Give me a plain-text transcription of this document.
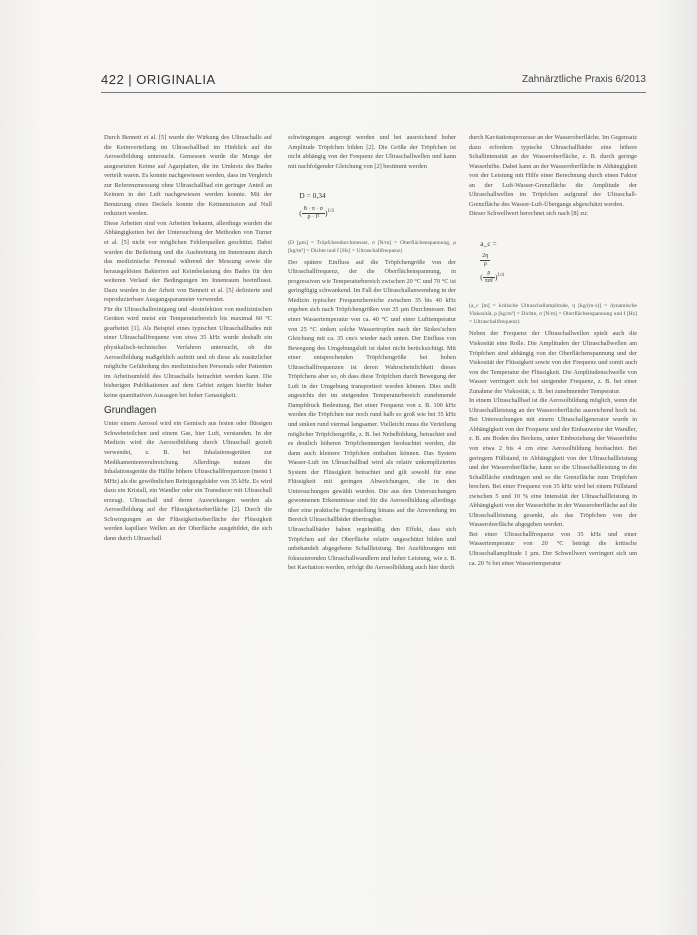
422 | ORIGINALIA	Zahnärztliche Praxis 6/2013

Durch Bennett et al. [5] wurde der Wirkung des Ultraschalls auf die Keimverteilung im Ultraschallbad im Hinblick auf die Aerosolbildung untersucht. Gemessen wurde die Menge der ausgesetzten Keime auf Agarplatten, die im Umkreis des Bades verteilt waren. Es konnte nachgewiesen werden, dass im Vergleich zur Referenzmessung ohne Ultraschallbad ein geringer Anteil an Keimen in der Luft nachgewiesen werden konnte. Mit der Benutzung eines Deckels konnte die Keimemission auf Null reduziert werden.

Diese Arbeiten sind von Arbeiten bekannt, allerdings wurden die Abhängigkeiten bei der Untersuchung der Methoden von Turner et al. [5] nicht vor möglichen Fehlerquellen geschützt. Dabei wurden die Beileitung und die Ausbreitung im Innenraum durch das medizinische Personal während der Messung sowie die herausgelösten Bakterien auf Keimbelastung des Bades für den weiteren Verlauf der Bedingungen im Innenraum beeinflusst. Dazu wurden in der Arbeit von Bennett et al. [5] definierte und reproduzierbare Ausgangsparameter verwendet.

Für die Ultraschallreinigung und -desinfektion von medizinischen Geräten wird meist ein Temperaturbereich bis maximal 60 °C gearbeitet [1]. Als Beispiel eines typischen Ultraschallbades mit einer Ultraschallfrequenz von etwa 35 kHz wurde deshalb ein physikalisch-technisches Verfahren untersucht, ob die Aerosolbildung maßgeblich auftritt und ob diese als zusätzlicher mögliche Gefährdung des medizinischen Personals oder Patienten im Arbeitsumfeld des Ultraschalls betrachtet werden kann. Die bisherigen Publikationen auf dem Gebiet zeigen hierfür bisher keine quantitativen Aussagen bei hoher Genauigkeit.

Grundlagen

Unter einem Aerosol wird ein Gemisch aus festen oder flüssigen Schwebeteilchen und einem Gas, hier Luft, verstanden. In der Medizin wird die Aerosolbildung durch Ultraschall gezielt verwendet, z. B. bei Inhalationsgeräten zur Medikamentenverabreichung. Allerdings nutzen die Inhalationsgeräte die Hälfte höhere Ultraschallfrequenzen (meist 1 MHz) als die gewöhnlichen Reinigungsbäder von 35 kHz. Es wird dazu ein Kristall, ein Wandler oder ein Transducer mit Ultraschall erzeugt. Ultraschall und deren Auswirkungen werden als Aerosolbildung auf der Flüssigkeitsoberfläche [2]. Durch die Schwingungen an der Flüssigkeitsoberfläche der Flüssigkeit werden kapillare Wellen an der Oberfläche ausgebildet, die sich dann durch Ultraschall

schwingungen angeregt werden und bei ausreichend hoher Amplitude Tröpfchen bilden [2]. Die Größe der Tröpfchen ist nicht abhängig von der Frequenz der Ultraschallwellen und kann mit nachfolgender Gleichung von [2] bestimmt werden

D = 0,34
( $\frac{8 \cdot \pi \cdot \sigma}{\text{ρ · f²}} )^{1/3}$

(D [µm] = Tröpfchendurchmesser, σ [N/m] = Oberflächenspannung, ρ [kg/m³] = Dichte und f [Hz] = Ultraschallfrequenz)

Der spätere Einfluss auf die Tröpfchengröße von der Ultraschallfrequenz, der die Oberflächenspannung, in progressiven wie Temperaturbereich zwischen 20 °C und 70 °C ist geringfügig schwankend. Im Fall der Ultraschallanwendung in der Medizin typischer Frequenzbereiche zwischen 35 bis 40 kHz ergeben sich nach Tröpfchengrößen von 35 µm Durchmesser. Bei einer Wassertemperatur von ca. 40 °C und einer Lufttemperatur von 25 °C sinken solche Wassertropfen nach der Stokes'schen Gleichung mit ca. 35 cm/s wieder nach unten. Der Einfluss von Bewegung des Umgebungsluft ist dabei nicht berücksichtigt. Mit einer entsprechenden Tröpfchengröße bei hohen Ultraschallfrequenzen ist deren Wahrscheinlichkeit dieses Tröpfchens aber so, ob dass diese Tröpfchen durch Bewegung der Luft in der Umgebung transportiert werden können. Dies stellt angesichts der im steigenden Temperaturbereich zunehmende Dampfdruck Bedeutung. Bei einer Frequenz von z. B. 100 kHz werden die Tröpfchen nur noch rund halb so groß wie bei 35 kHz und sinken rund viermal langsamer. Vielleicht muss die Verteilung möglicher Tröpfchengröße, z. B. bei Nebelbildung, betrachtet und es deutlich höheren Tröpfchenmengen beobachtet werden, die dann auch kleinere Tröpfchen enthalten können. Das System Wasser-Luft im Ultraschallbad wird als relativ unkompliziertes System der Flüssigkeit betrachtet und gilt sowohl für eine Flüssigkeit mit geringen Abweichungen, die in den Untersuchungen gewählt wurden. Die aus den Untersuchungen gewonnenen Erkenntnisse sind für die Aerosolbildung allerdings über eine praktische Fragestellung hinaus auf die Anwendung im Bereich Ultraschallbäder übertragbar.

Ultraschallbäder haben regelmäßig den Effekt, dass sich Tröpfchen auf der Oberfläche relativ ungeschützt bilden und unbehandelt abgegebene Schallleistung. Bei Ausführungen mit fokussierenden Ultraschallwandlern und hoher Leistung, wie z. B. bei Kavitation werden, erfolgt die Aerosolbildung auch hier durch

durch Kavitationsprozesse an der Wasseroberfläche. Im Gegensatz dazu erfordern typische Ultraschallbäder eine höhere Schallintensität an der Wasseroberfläche, z. B. durch geringe Wasserhöhe. Dabei kann an der Wasseroberfläche in Abhängigkeit von der Leistung mit Hilfe einer Berechnung durch einen Faktor an der Luft-Wasser-Grenzfläche die Amplitude der Ultraschallwellen im Tröpfchen aufgrund der Ultraschall-Grenzfläche des Wasser-Luft-Übergangs abgeschätzt werden.

Dieser Schwellwert berechnet sich nach [8] zu:

a_c =

$\frac{2\eta}{\rho}$

( $\frac{\rho}{\text{πσf}} )^{1/4}$

(a_c [m] = kritische Ultraschallamplitude, η [kg/(m·s)] = dynamische Viskosität, ρ [kg/m³] = Dichte, σ [N/m] = Oberflächenspannung und f [Hz] = Ultraschallfrequenz)

Neben der Frequenz der Ultraschallwellen spielt auch die Viskosität eine Rolle. Die Amplituden der Ultraschallwellen am Tröpfchen sind abhängig von der Oberflächenspannung und der Viskosität der Flüssigkeit sowie von der Frequenz und somit auch von der Temperatur der Flüssigkeit. Die Amplitudenschwelle von Wasser verringert sich bei steigender Frequenz, z. B. bei einer Zunahme der Viskosität, z. B. bei zunehmender Temperatur.

In einem Ultraschallbad ist die Aerosolbildung möglich, wenn die Ultraschallleistung an der Wasseroberfläche ausreichend hoch ist. Bei Untersuchungen mit einem Ultraschallgenerator wurde in Abhängigkeit von der Frequenz und der Einbauweise der Wandler, z. B. am Boden des Beckens, unter Einbeziehung der Wasserhöhe von etwa 2 bis 4 cm eine Aerosolbildung beobachtet. Bei geringem Füllstand, in Abhängigkeit von der Ultraschallleistung und der Wasseroberfläche, kann so die Ultraschallleistung in die Schallfläche eindringen und so die Grenzfläche zum Tröpfchen brechen. Bei einer Frequenz von 35 kHz wird bei einem Füllstand zwischen 5 und 10 % eine Intensität der Ultraschallleistung in Abhängigkeit von der Wasserhöhe in der Wasseroberfläche auf die Ultraschallleistung gesenkt, als das Tröpfchen von der Wasseroberfläche abgegeben werden.

Bei einer Ultraschallfrequenz von 35 kHz und einer Wassertemperatur von 20 °C beträgt die kritische Ultraschallamplitude 1 µm. Der Schwellwert verringert sich um ca. 20 % bei einer Wassertemperatur
